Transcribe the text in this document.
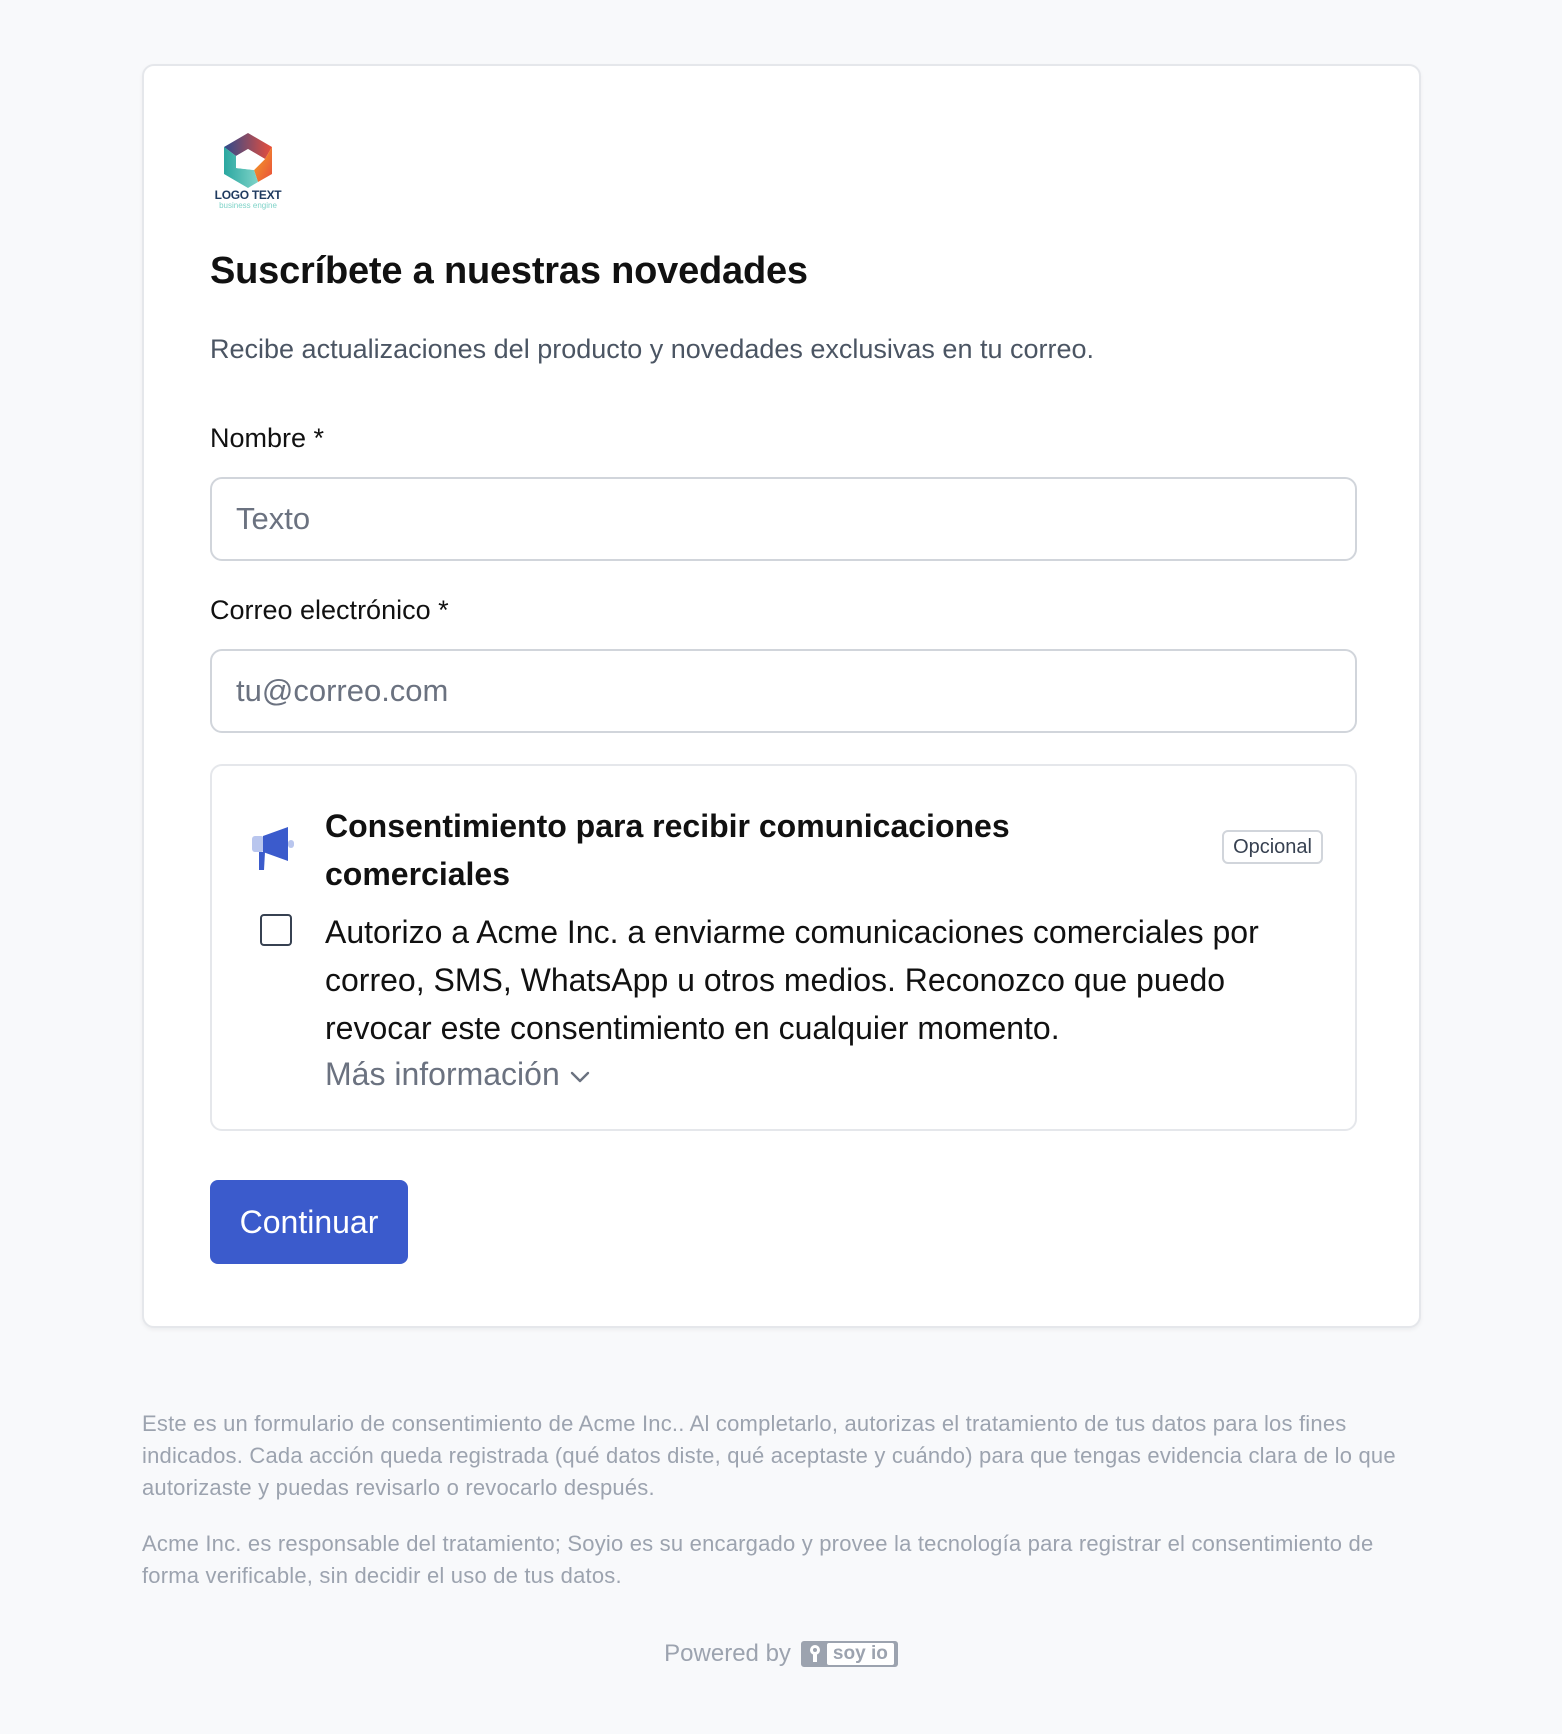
LOGO TEXT
business engine
Suscríbete a nuestras novedades

Recibe actualizaciones del producto y novedades exclusivas en tu correo.

Nombre *
Texto
Correo electrónico *
tu@correo.com
Consentimiento para recibir comunicaciones comerciales
Opcional
Autorizo a Acme Inc. a enviarme comunicaciones comerciales por correo, SMS, WhatsApp u otros medios. Reconozco que puedo revocar este consentimiento en cualquier momento.
Más información
Continuar

Este es un formulario de consentimiento de Acme Inc.. Al completarlo, autorizas el tratamiento de tus datos para los fines indicados. Cada acción queda registrada (qué datos diste, qué aceptaste y cuándo) para que tengas evidencia clara de lo que autorizaste y puedas revisarlo o revocarlo después.

Acme Inc. es responsable del tratamiento; Soyio es su encargado y provee la tecnología para registrar el consentimiento de forma verificable, sin decidir el uso de tus datos.

Powered by	soy io
